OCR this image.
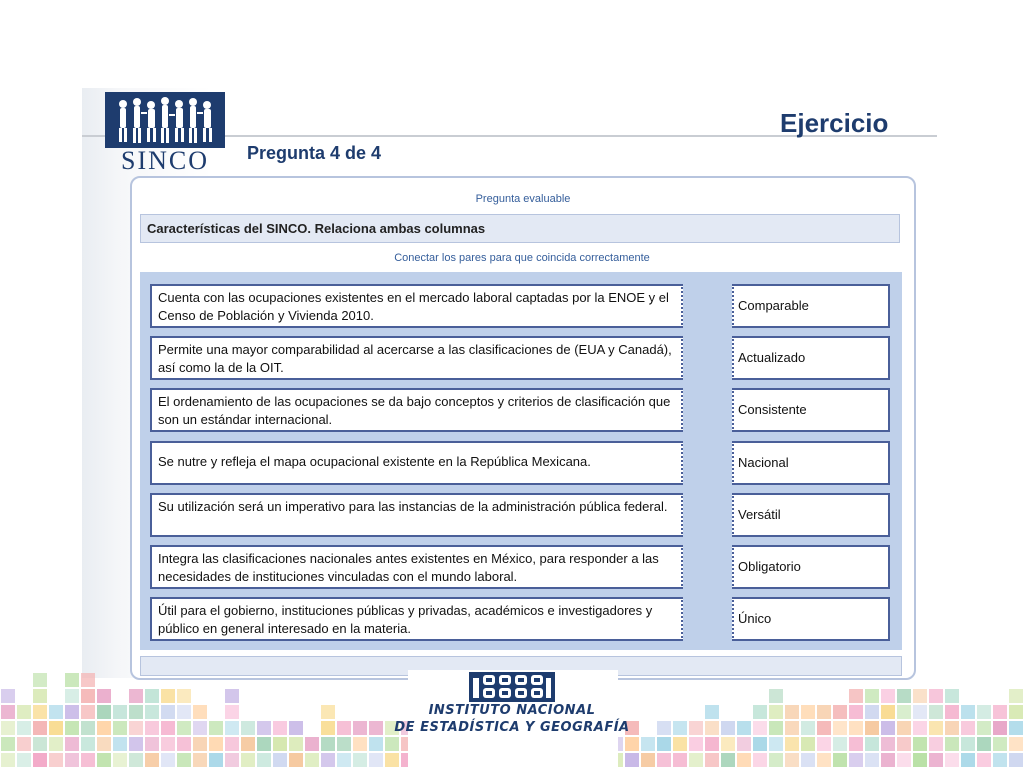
SINCO
Ejercicio
Pregunta 4 de 4
Pregunta evaluable
Características del SINCO. Relaciona ambas columnas
Conectar los pares para que coincida correctamente
Cuenta con las ocupaciones existentes en el mercado laboral captadas por la ENOE y el Censo de Población y Vivienda 2010.
Permite una mayor comparabilidad al acercarse a las clasificaciones de (EUA y Canadá), así como la de la OIT.
El ordenamiento de las ocupaciones se da bajo conceptos y criterios de clasificación que son un estándar internacional.
Se nutre y refleja el mapa ocupacional existente en la República Mexicana.
Su utilización será un imperativo para las instancias de la administración pública federal.
Integra las clasificaciones nacionales antes existentes en México, para responder a las necesidades de instituciones vinculadas con el mundo laboral.
Útil para el gobierno, instituciones públicas y privadas, académicos e investigadores y público en general interesado en la materia.
Comparable
Actualizado
Consistente
Nacional
Versátil
Obligatorio
Único
INSTITUTO NACIONAL
DE ESTADÍSTICA Y GEOGRAFÍA
